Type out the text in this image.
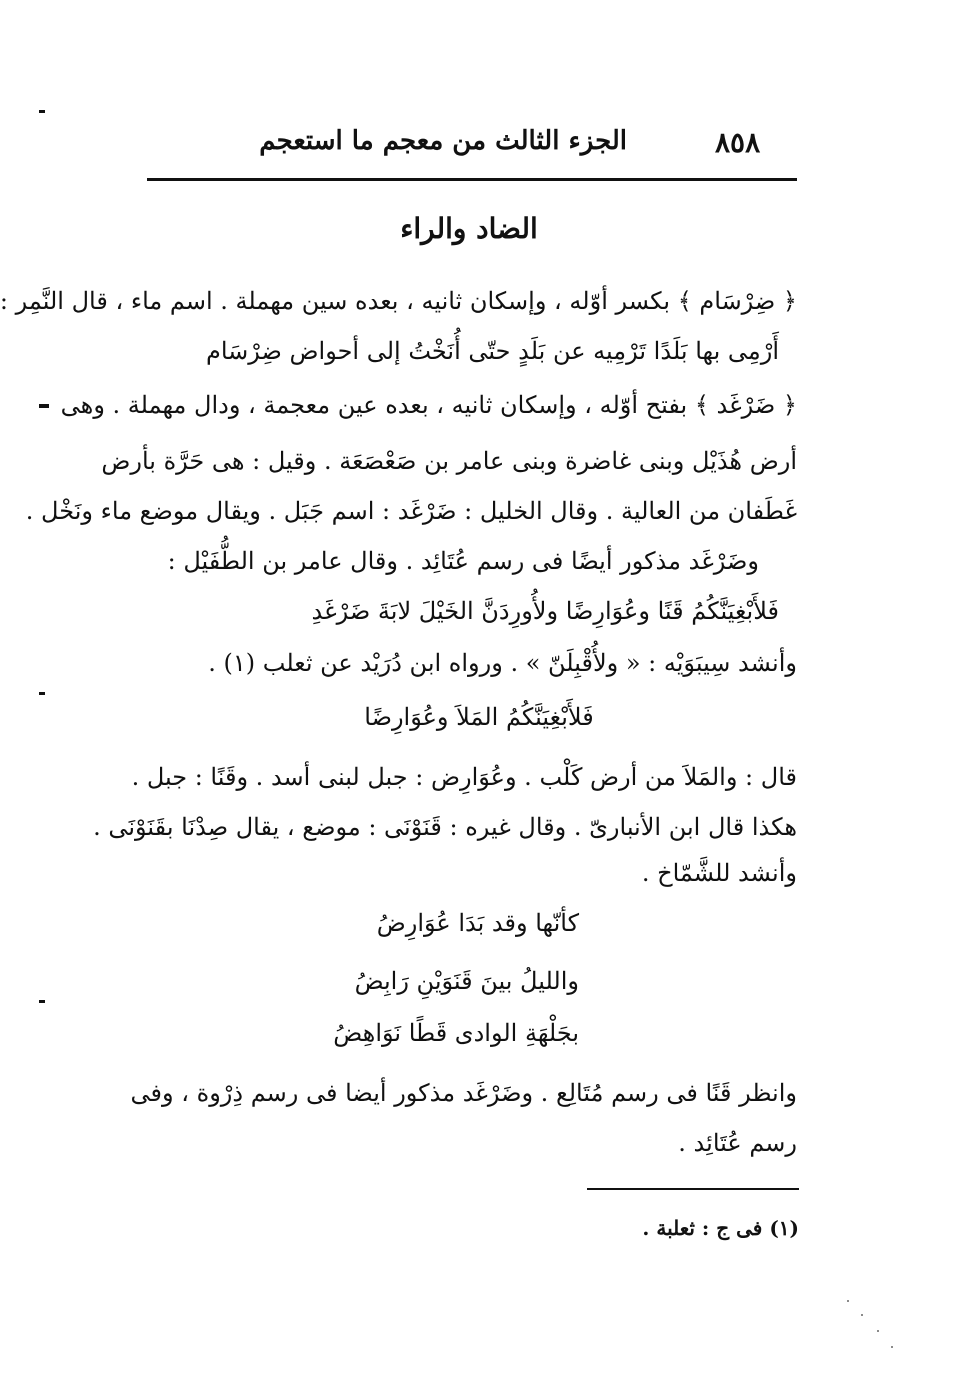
٨٥٨
الجزء الثالث من معجم ما استعجم
الضاد والراء
﴿ ضِرْسَام ﴾ بكسر أوّله ، وإسكان ثانيه ، بعده سين مهملة . اسم ماء ، قال النَّمِر :
أَرْمِى بها بَلَدًا تَرْمِيه عن بَلَدٍ حتّى أُنَخْتُ إلى أحواض ضِرْسَام
﴿ ضَرْغَد ﴾ بفتح أوّله ، وإسكان ثانيه ، بعده عين معجمة ، ودال مهملة . وهى
أرض هُذَيْل وبنى غاضرة وبنى عامر بن صَعْصَعَة . وقيل : هى حَرَّة بأرض
غَطَفان من العالية . وقال الخليل : ضَرْغَد : اسم جَبَل . ويقال موضع ماء ونَخْل .
وضَرْغَد مذكور أيضًا فى رسم عُتَائِد . وقال عامر بن الطُّفَيْل :
فَلأَبْغِيَنَّكُمُ قَنًا وعُوَارِضًا ولأُورِدَنَّ الخَيْلَ لابَةَ ضَرْغَدِ
وأنشد سِيبَوَيْه : « ولأُقْبِلَنّ » . ورواه ابن دُرَيْد عن ثعلب (١) .
فَلأَبْغِيَنَّكُمُ المَلاَ وعُوَارِضًا
قال : والمَلاَ من أرض كَلْب . وعُوَارِض : جبل لبنى أسد . وقَنًا : جبل .
هكذا قال ابن الأنبارىّ . وقال غيره : قَنَوْنَى : موضع ، يقال صِدْنَا بقَنَوْنَى .
وأنشد للشَّمّاخ .
كأنّها وقد بَدَا عُوَارِضُ
والليلُ بينَ قَنَوَيْنِ رَابِضُ
بجَلْهَةِ الوادى قَطًا نَوَاهِضُ
وانظر قَنًا فى رسم مُتَالِع . وضَرْغَد مذكور أيضا فى رسم ذِرْوة ، وفى
رسم عُتَائِد .
(١) فى ج : ثعلبة .
